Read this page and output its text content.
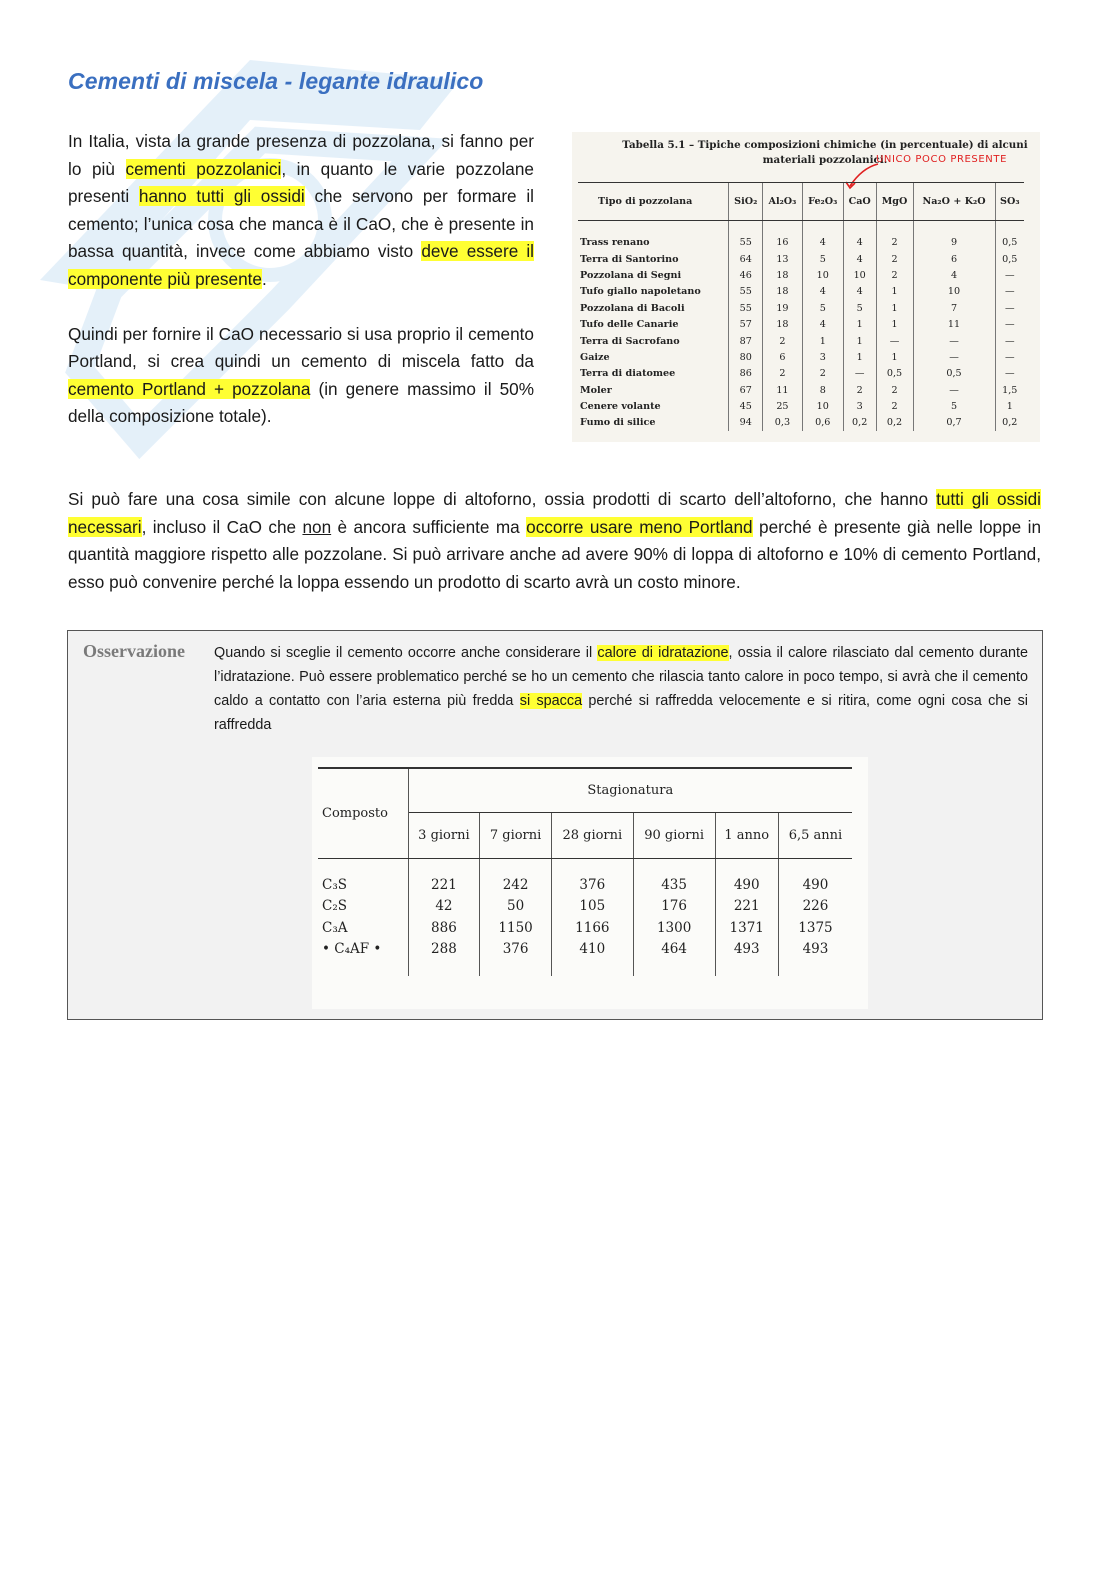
Cementi di miscela - legante idraulico

In Italia, vista la grande presenza di pozzolana, si fanno per lo più cementi pozzolanici, in quanto le varie pozzolane presenti hanno tutti gli ossidi che servono per formare il cemento; l’unica cosa che manca è il CaO, che è presente in bassa quantità, invece come abbiamo visto deve essere il componente più presente.

Quindi per fornire il CaO necessario si usa proprio il cemento Portland, si crea quindi un cemento di miscela fatto da cemento Portland + pozzolana (in genere massimo il 50% della composizione totale).

Tabella 5.1 – Tipiche composizioni chimiche (in percentuale) di alcuni materiali pozzolanici.
UNICO POCO PRESENTE
Tipo di pozzolana	SiO₂	Al₂O₃	Fe₂O₃	CaO	MgO	Na₂O + K₂O	SO₃

Trass renano	55	16	4	4	2	9	0,5
Terra di Santorino	64	13	5	4	2	6	0,5
Pozzolana di Segni	46	18	10	10	2	4	—
Tufo giallo napoletano	55	18	4	4	1	10	—
Pozzolana di Bacoli	55	19	5	5	1	7	—
Tufo delle Canarie	57	18	4	1	1	11	—
Terra di Sacrofano	87	2	1	1	—	—	—
Gaize	80	6	3	1	1	—	—
Terra di diatomee	86	2	2	—	0,5	0,5	—
Moler	67	11	8	2	2	—	1,5
Cenere volante	45	25	10	3	2	5	1
Fumo di silice	94	0,3	0,6	0,2	0,2	0,7	0,2
Si può fare una cosa simile con alcune loppe di altoforno, ossia prodotti di scarto dell’altoforno, che hanno tutti gli ossidi necessari, incluso il CaO che non è ancora sufficiente ma occorre usare meno Portland perché è presente già nelle loppe in quantità maggiore rispetto alle pozzolane. Si può arrivare anche ad avere 90% di loppa di altoforno e 10% di cemento Portland, esso può convenire perché la loppa essendo un prodotto di scarto avrà un costo minore.
Osservazione Quando si sceglie il cemento occorre anche considerare il calore di idratazione, ossia il calore rilasciato dal cemento durante l’idratazione. Può essere problematico perché se ho un cemento che rilascia tanto calore in poco tempo, si avrà che il cemento caldo a contatto con l’aria esterna più fredda si spacca perché si raffredda velocemente e si ritira, come ogni cosa che si raffredda
Composto	Stagionatura					
	3 giorni	7 giorni	28 giorni	90 giorni	1 anno	6,5 anni

C₃S	221	242	376	435	490	490
C₂S	42	50	105	176	221	226
C₃A	886	1150	1166	1300	1371	1375
• C₄AF •	288	376	410	464	493	493
